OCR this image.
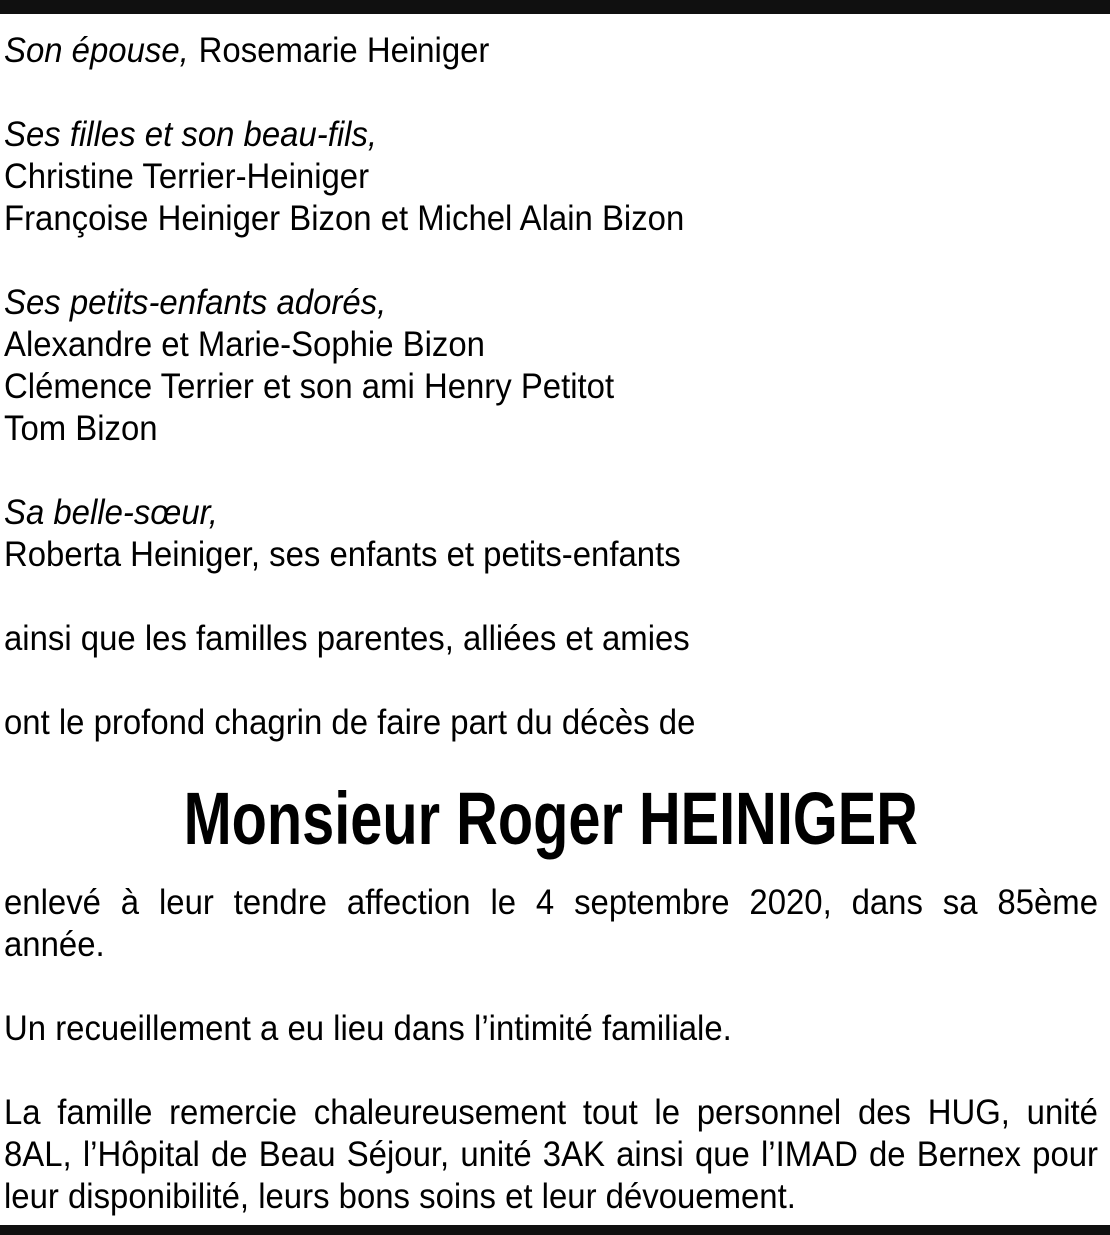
Son épouse, Rosemarie Heiniger

Ses filles et son beau-fils,

Christine Terrier-Heiniger

Françoise Heiniger Bizon et Michel Alain Bizon

Ses petits-enfants adorés,

Alexandre et Marie-Sophie Bizon

Clémence Terrier et son ami Henry Petitot

Tom Bizon

Sa belle-sœur,

Roberta Heiniger, ses enfants et petits-enfants

ainsi que les familles parentes, alliées et amies

ont le profond chagrin de faire part du décès de

Monsieur Roger HEINIGER

enlevé à leur tendre affection le 4 septembre 2020, dans sa 85ème

année.

Un recueillement a eu lieu dans l’intimité familiale.

La famille remercie chaleureusement tout le personnel des HUG, unité

8AL, l’Hôpital de Beau Séjour, unité 3AK ainsi que l’IMAD de Bernex pour

leur disponibilité, leurs bons soins et leur dévouement.
